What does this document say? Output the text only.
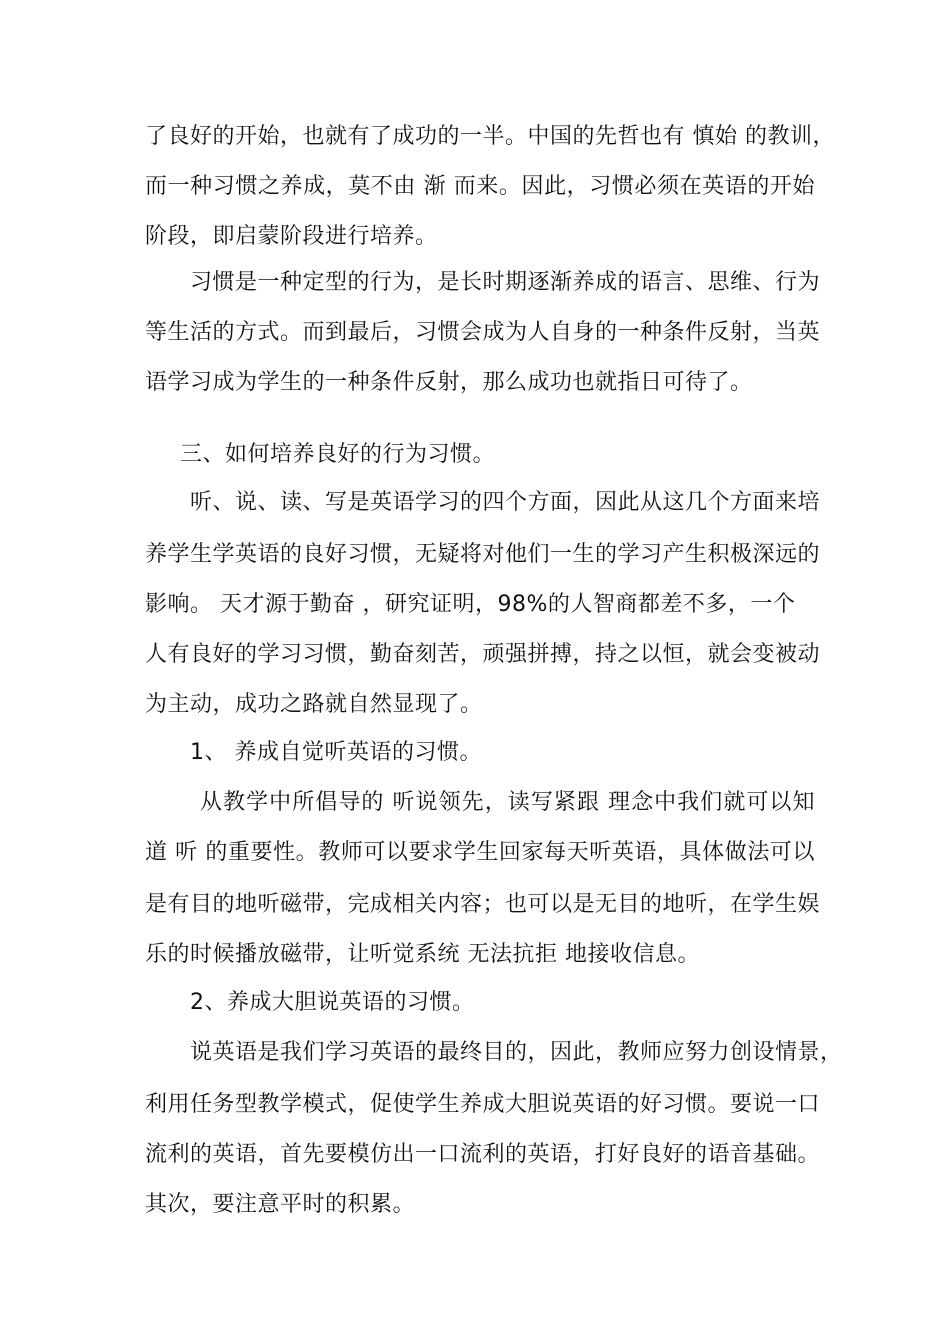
了良好的开始，也就有了成功的一半。中国的先哲也有 慎始 的教训，
而一种习惯之养成，莫不由 渐 而来。因此，习惯必须在英语的开始
阶段，即启蒙阶段进行培养。
习惯是一种定型的行为，是长时期逐渐养成的语言、思维、行为
等生活的方式。而到最后，习惯会成为人自身的一种条件反射，当英
语学习成为学生的一种条件反射，那么成功也就指日可待了。
三、如何培养良好的行为习惯。
听、说、读、写是英语学习的四个方面，因此从这几个方面来培
养学生学英语的良好习惯，无疑将对他们一生的学习产生积极深远的
影响。 天才源于勤奋 ，研究证明，98%的人智商都差不多，一个
人有良好的学习习惯，勤奋刻苦，顽强拼搏，持之以恒，就会变被动
为主动，成功之路就自然显现了。
1、 养成自觉听英语的习惯。
从教学中所倡导的 听说领先，读写紧跟 理念中我们就可以知
道 听 的重要性。教师可以要求学生回家每天听英语，具体做法可以
是有目的地听磁带，完成相关内容；也可以是无目的地听，在学生娱
乐的时候播放磁带，让听觉系统 无法抗拒 地接收信息。
2、养成大胆说英语的习惯。
说英语是我们学习英语的最终目的，因此，教师应努力创设情景，
利用任务型教学模式，促使学生养成大胆说英语的好习惯。要说一口
流利的英语，首先要模仿出一口流利的英语，打好良好的语音基础。
其次，要注意平时的积累。
